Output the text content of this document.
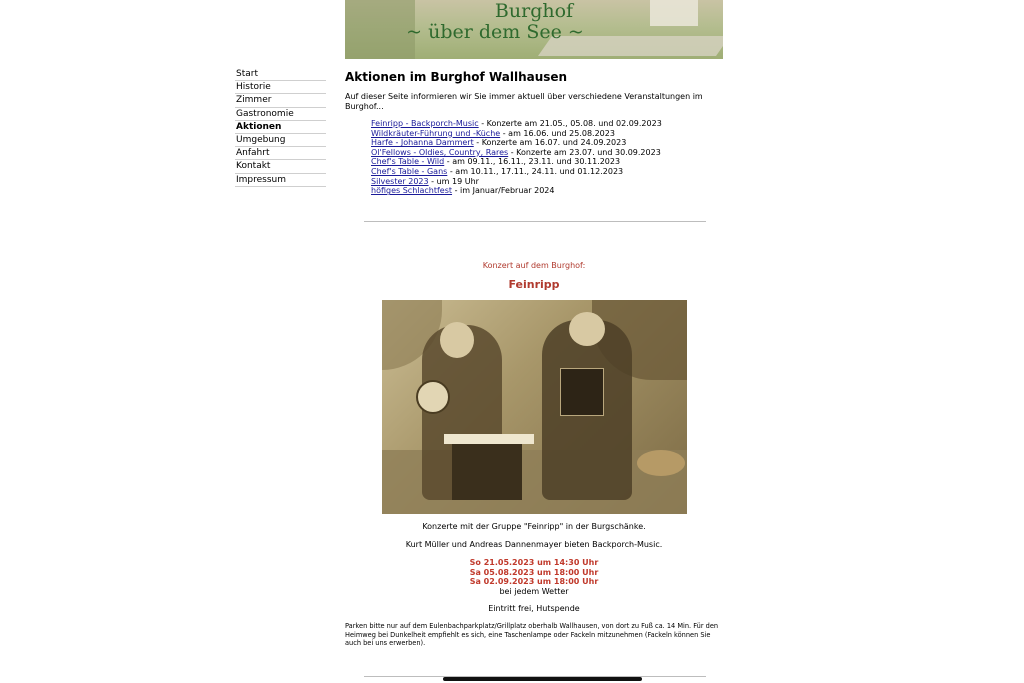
Burghof
~ über dem See ~
Start
Historie
Zimmer
Gastronomie
Aktionen
Umgebung
Anfahrt
Kontakt
Impressum
Aktionen im Burghof Wallhausen

Auf dieser Seite informieren wir Sie immer aktuell über verschiedene Veranstaltungen im Burghof...

Feinripp - Backporch-Music - Konzerte am 21.05., 05.08. und 02.09.2023
Wildkräuter-Führung und -Küche - am 16.06. und 25.08.2023
Harfe - Johanna Dammert - Konzerte am 16.07. und 24.09.2023
Ol'Fellows - Oldies, Country, Rares - Konzerte am 23.07. und 30.09.2023
Chef's Table - Wild - am 09.11., 16.11., 23.11. und 30.11.2023
Chef's Table - Gans - am 10.11., 17.11., 24.11. und 01.12.2023
Silvester 2023 - um 19 Uhr
höfiges Schlachtfest - im Januar/Februar 2024
Konzert auf dem Burghof:
Feinripp
Konzerte mit der Gruppe "Feinripp" in der Burgschänke.
Kurt Müller und Andreas Dannenmayer bieten Backporch-Music.
So 21.05.2023 um 14:30 Uhr
Sa 05.08.2023 um 18:00 Uhr
Sa 02.09.2023 um 18:00 Uhr
bei jedem Wetter
Eintritt frei, Hutspende

Parken bitte nur auf dem Eulenbachparkplatz/Grillplatz oberhalb Wallhausen, von dort zu Fuß ca. 14 Min. Für den Heimweg bei Dunkelheit empfiehlt es sich, eine Taschenlampe oder Fackeln mitzunehmen (Fackeln können Sie auch bei uns erwerben).
